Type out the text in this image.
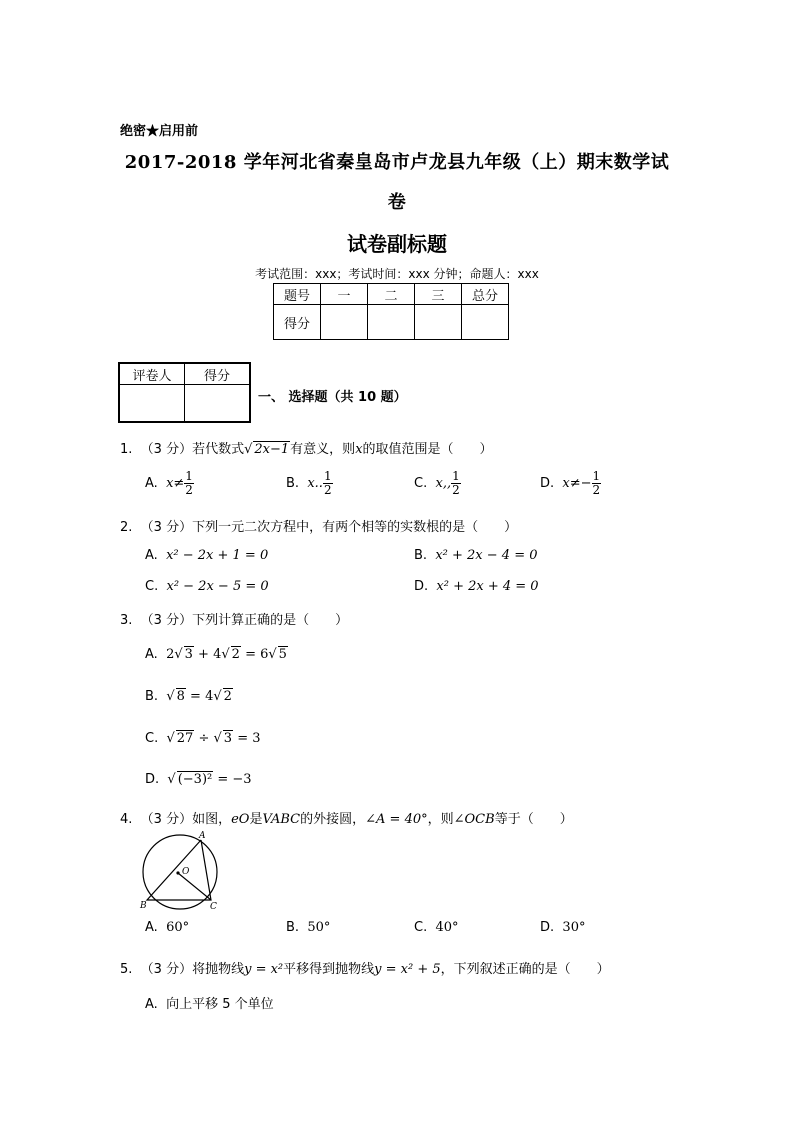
绝密★启用前
2017-2018 学年河北省秦皇岛市卢龙县九年级（上）期末数学试
卷
试卷副标题
考试范围：xxx；考试时间：xxx 分钟；命题人：xxx
题号	一	二	三	总分
得分				
评卷人	得分

一、 选择题（共 10 题）
1. （3 分）若代数式√ 2x−1有意义，则x的取值范围是（　　）
A. $x\ne \frac{1}{2}$	B. x.. $\frac{1}{2}$	C. x,, $\frac{1}{2}$	D. $x\ne- \frac{1}{2}$
2. （3 分）下列一元二次方程中，有两个相等的实数根的是（　　）
A. x² − 2x + 1 = 0	B. x² + 2x − 4 = 0
C. x² − 2x − 5 = 0	D. x² + 2x + 4 = 0
3. （3 分）下列计算正确的是（　　）
A. 2√ 3 + 4√ 2 = 6√ 5
B. √ 8 = 4√ 2
C. √ 27 ÷ √ 3 = 3
D. √ (−3)² = −3
4. （3 分）如图，eO是VABC的外接圆，∠A = 40°，则∠OCB等于（　　）
A
B	C
O
A. 60°	B. 50°	C. 40°	D. 30°
5. （3 分）将抛物线y = x²平移得到抛物线y = x² + 5，下列叙述正确的是（　　）
A. 向上平移 5 个单位
